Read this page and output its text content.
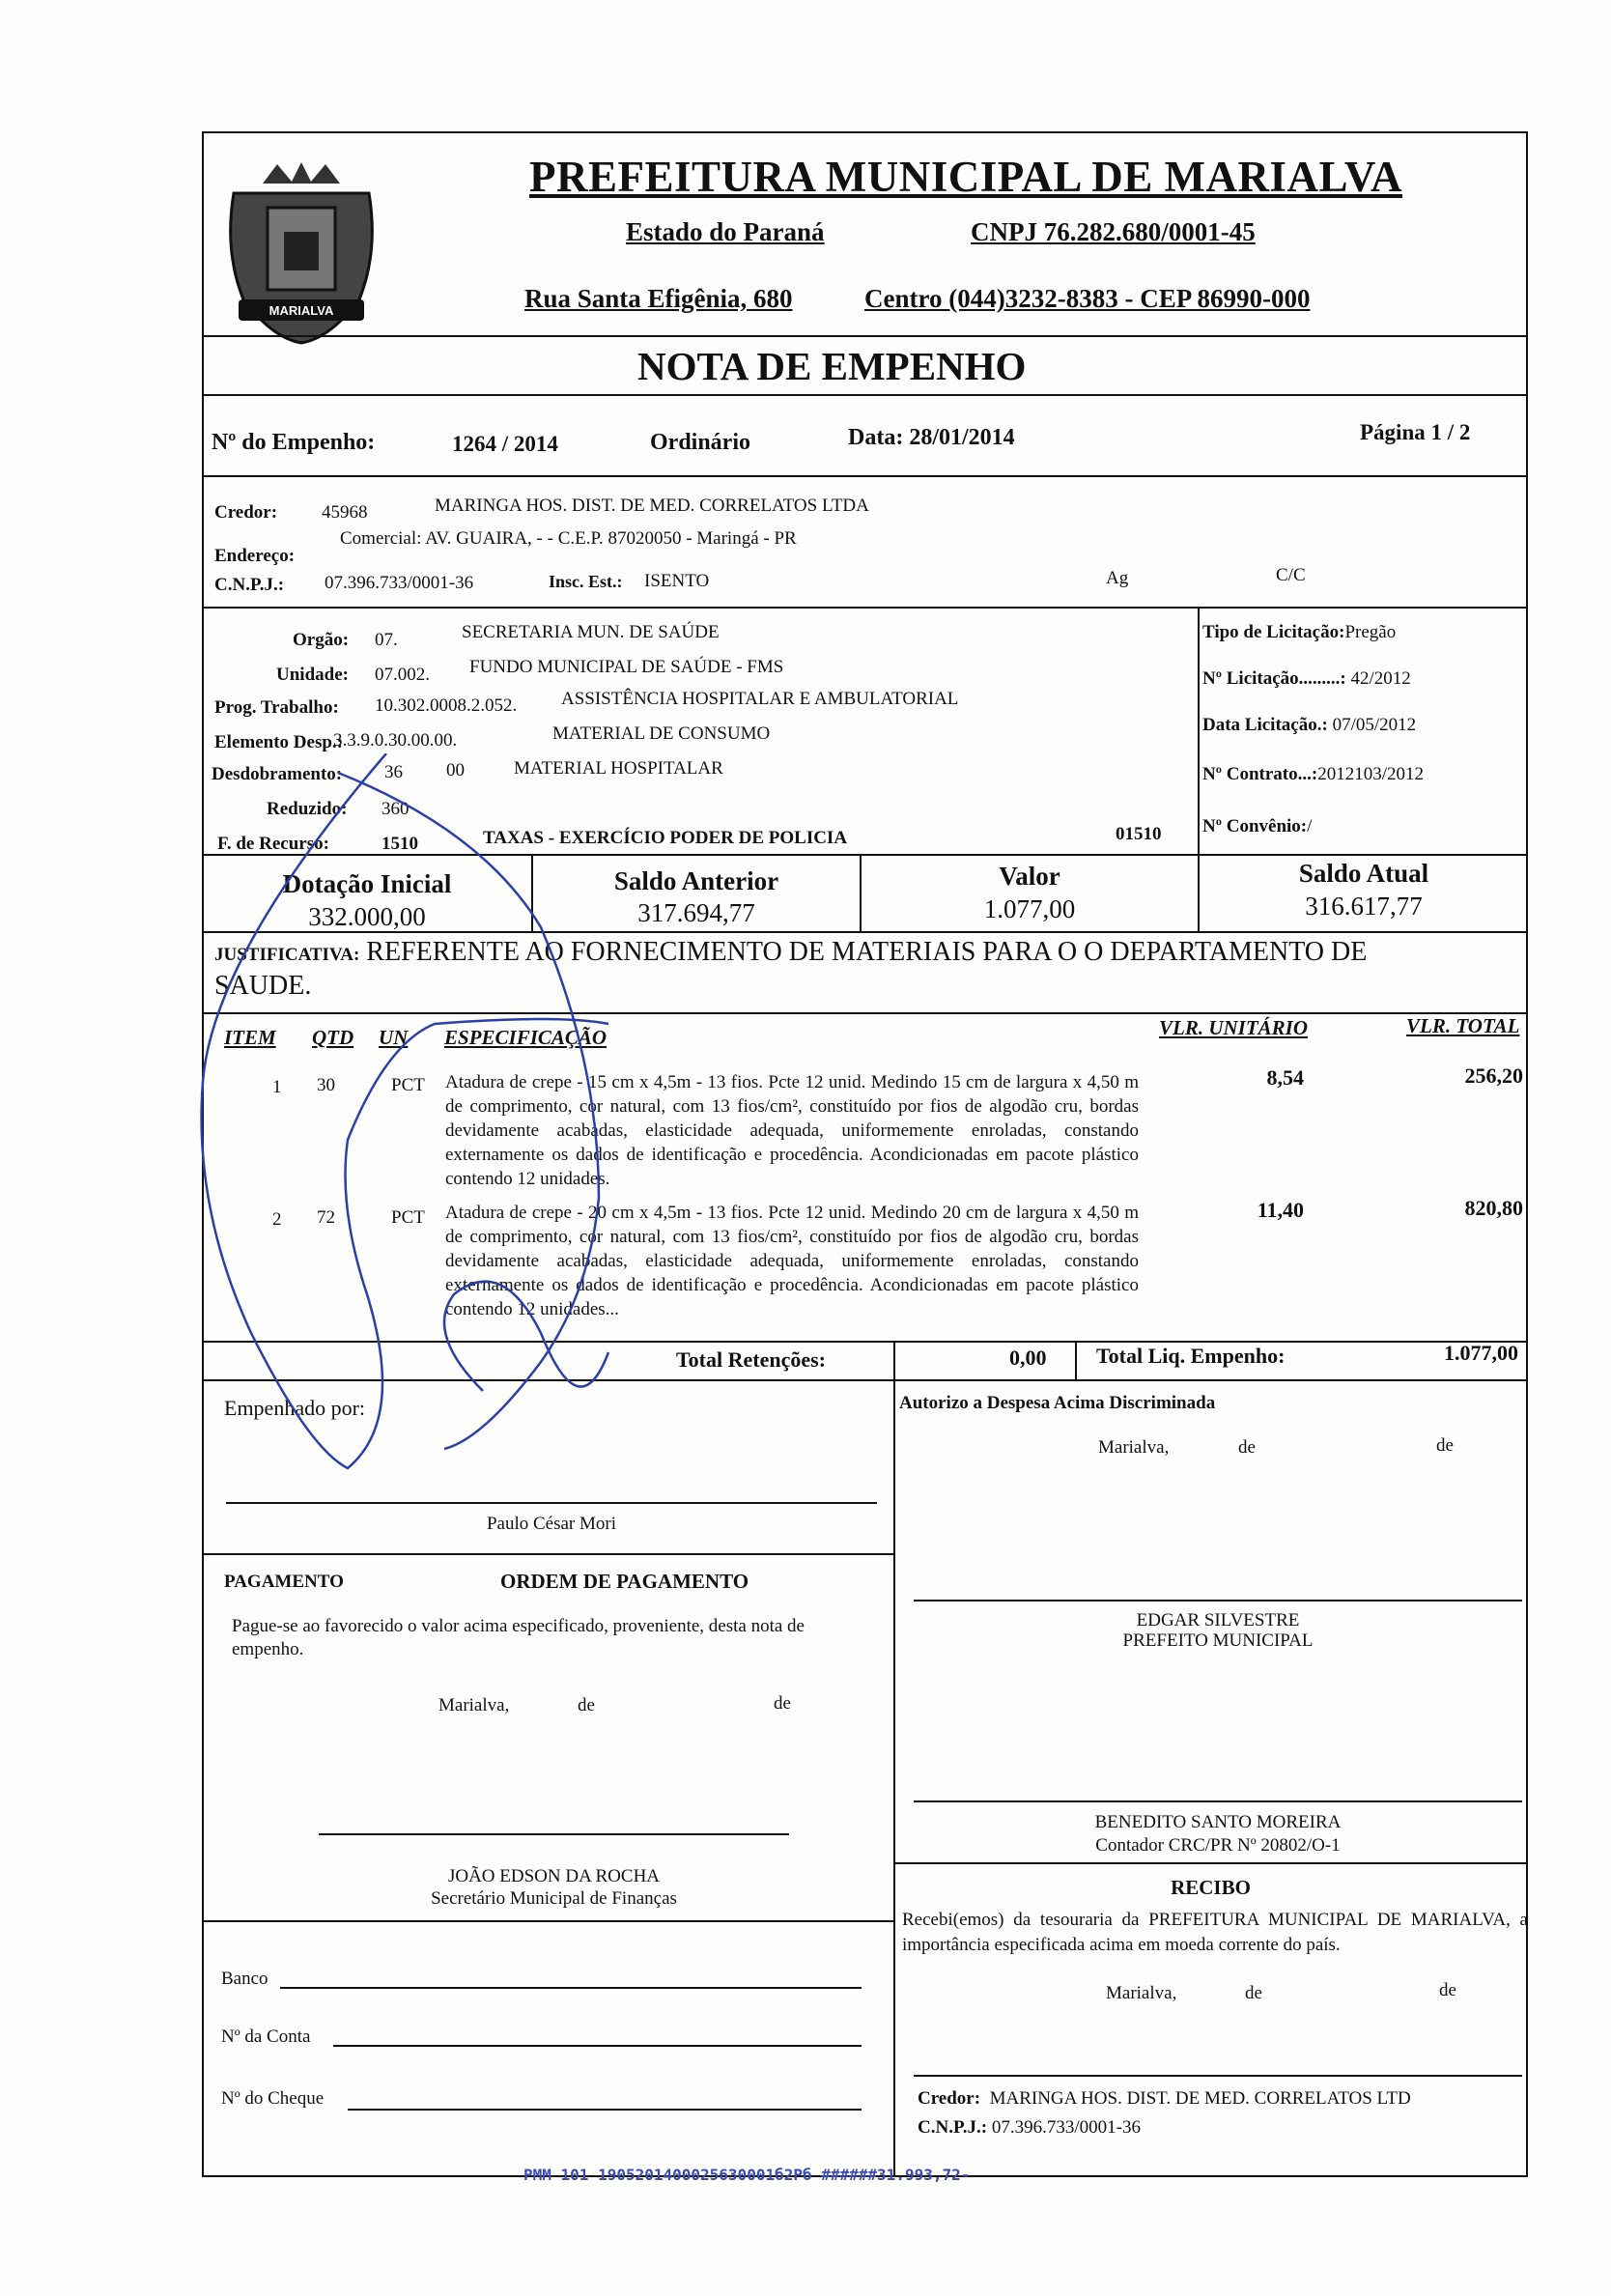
MARIALVA
PREFEITURA MUNICIPAL DE MARIALVA
Estado do Paraná	CNPJ 76.282.680/0001-45
Rua Santa Efigênia, 680	Centro (044)3232-8383 - CEP 86990-000
NOTA DE EMPENHO
Nº do Empenho:	1264 / 2014	Ordinário	Data: 28/01/2014	Página 1 / 2
Credor: 45968	MARINGA HOS. DIST. DE MED. CORRELATOS LTDA
Endereço:
Comercial: AV. GUAIRA, - - C.E.P. 87020050 - Maringá - PR
C.N.P.J.: 07.396.733/0001-36	Insc. Est.: ISENTO	Ag	C/C
Orgão: 07.	SECRETARIA MUN. DE SAÚDE
Unidade: 07.002. FUNDO MUNICIPAL DE SAÚDE - FMS
Prog. Trabalho: 10.302.0008.2.052. ASSISTÊNCIA HOSPITALAR E AMBULATORIAL
Elemento Desp.:
3.3.9.0.30.00.00.	MATERIAL DE CONSUMO
Desdobramento: 36 00	MATERIAL HOSPITALAR
Reduzido: 360
F. de Recurso:	1510	TAXAS - EXERCÍCIO PODER DE POLICIA	01510
Tipo de Licitação:Pregão
Nº Licitação.........: 42/2012
Data Licitação.: 07/05/2012
Nº Contrato...:2012103/2012
Nº Convênio:/
Dotação Inicial
332.000,00
Saldo Anterior
317.694,77
Valor
1.077,00
Saldo Atual
316.617,77
JUSTIFICATIVA: REFERENTE AO FORNECIMENTO DE MATERIAIS PARA O O DEPARTAMENTO DE
SAUDE.
ITEM QTD UN ESPECIFICAÇÃO	VLR. UNITÁRIO	VLR. TOTAL
1 30	PCT Atadura de crepe - 15 cm x 4,5m - 13 fios. Pcte 12 unid. Medindo 15 cm de largura x 4,50 m de comprimento, cor natural, com 13 fios/cm², constituído por fios de algodão cru, bordas devidamente acabadas, elasticidade adequada, uniformemente enroladas, constando externamente os dados de identificação e procedência. Acondicionadas em pacote plástico contendo 12 unidades.
8,54	256,20
2 72	PCT Atadura de crepe - 20 cm x 4,5m - 13 fios. Pcte 12 unid. Medindo 20 cm de largura x 4,50 m de comprimento, cor natural, com 13 fios/cm², constituído por fios de algodão cru, bordas devidamente acabadas, elasticidade adequada, uniformemente enroladas, constando externamente os dados de identificação e procedência. Acondicionadas em pacote plástico contendo 12 unidades...
11,40	820,80
Total Retenções:	0,00 Total Liq. Empenho:	1.077,00
Empenhado por:
Paulo César Mori
PAGAMENTO	ORDEM DE PAGAMENTO
Pague-se ao favorecido o valor acima especificado, proveniente, desta nota de empenho.
Marialva,	de	de
JOÃO EDSON DA ROCHA
Secretário Municipal de Finanças
Banco
Nº da Conta
Nº do Cheque
Autorizo a Despesa Acima Discriminada
Marialva,	de	de
EDGAR SILVESTRE
PREFEITO MUNICIPAL
BENEDITO SANTO MOREIRA
Contador CRC/PR Nº 20802/O-1
RECIBO
Recebi(emos) da tesouraria da PREFEITURA MUNICIPAL DE MARIALVA, a importância especificada acima em moeda corrente do país.
Marialva,	de	de
Credor: MARINGA HOS. DIST. DE MED. CORRELATOS LTD
C.N.P.J.: 07.396.733/0001-36
PMM 101 1905201400025630001б2Pб ######31.993,72-
